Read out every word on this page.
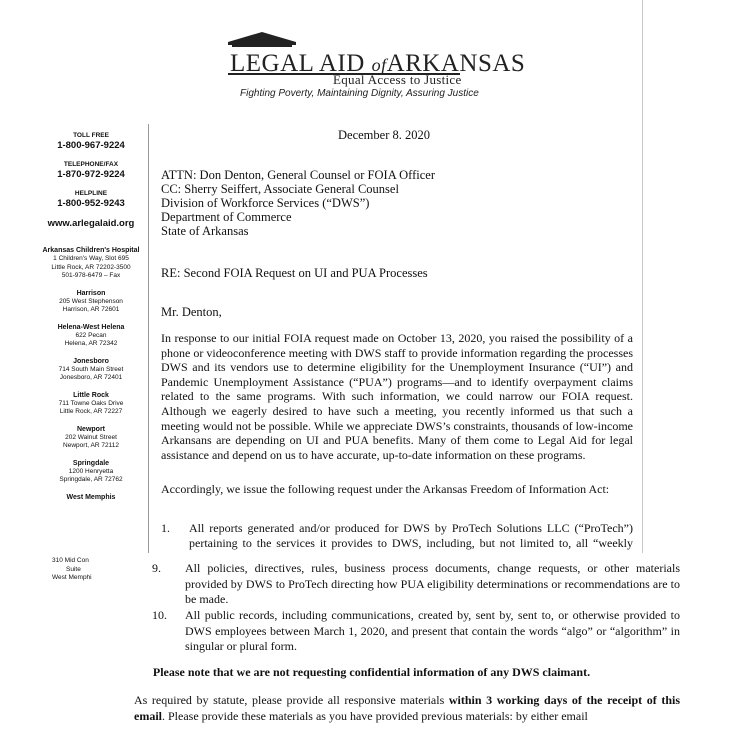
LEGAL AID ofARKANSAS
Equal Access to Justice
Fighting Poverty, Maintaining Dignity, Assuring Justice
TOLL FREE
1-800-967-9224
TELEPHONE/FAX
1-870-972-9224
HELPLINE
1-800-952-9243
www.arlegalaid.org
Arkansas Children's Hospital
1 Children's Way, Slot 695
Little Rock, AR 72202-3500
501-978-6479 – Fax
Harrison
205 West Stephenson
Harrison, AR 72601
Helena-West Helena
622 Pecan
Helena, AR 72342
Jonesboro
714 South Main Street
Jonesboro, AR 72401
Little Rock
711 Towne Oaks Drive
Little Rock, AR 72227
Newport
202 Walnut Street
Newport, AR 72112
Springdale
1200 Henryetta
Springdale, AR 72762
West Memphis
December 8. 2020
ATTN: Don Denton, General Counsel or FOIA Officer
CC: Sherry Seiffert, Associate General Counsel
Division of Workforce Services (“DWS”)
Department of Commerce
State of Arkansas
RE: Second FOIA Request on UI and PUA Processes
Mr. Denton,
In response to our initial FOIA request made on October 13, 2020, you raised the possibility of a phone or videoconference meeting with DWS staff to provide information regarding the processes DWS and its vendors use to determine eligibility for the Unemployment Insurance (“UI”) and Pandemic Unemployment Assistance (“PUA”) programs—and to identify overpayment claims related to the same programs. With such information, we could narrow our FOIA request. Although we eagerly desired to have such a meeting, you recently informed us that such a meeting would not be possible. While we appreciate DWS’s constraints, thousands of low-income Arkansans are depending on UI and PUA benefits. Many of them come to Legal Aid for legal assistance and depend on us to have accurate, up-to-date information on these programs.
Accordingly, we issue the following request under the Arkansas Freedom of Information Act:
1. All reports generated and/or produced for DWS by ProTech Solutions LLC (“ProTech”) pertaining to the services it provides to DWS, including, but not limited to, all “weekly
310 Mid Con
Suite
West Memphi
9. All policies, directives, rules, business process documents, change requests, or other materials provided by DWS to ProTech directing how PUA eligibility determinations or recommendations are to be made.
10. All public records, including communications, created by, sent by, sent to, or otherwise provided to DWS employees between March 1, 2020, and present that contain the words “algo” or “algorithm” in singular or plural form.
Please note that we are not requesting confidential information of any DWS claimant.
As required by statute, please provide all responsive materials within 3 working days of the receipt of this email. Please provide these materials as you have provided previous materials: by either email
